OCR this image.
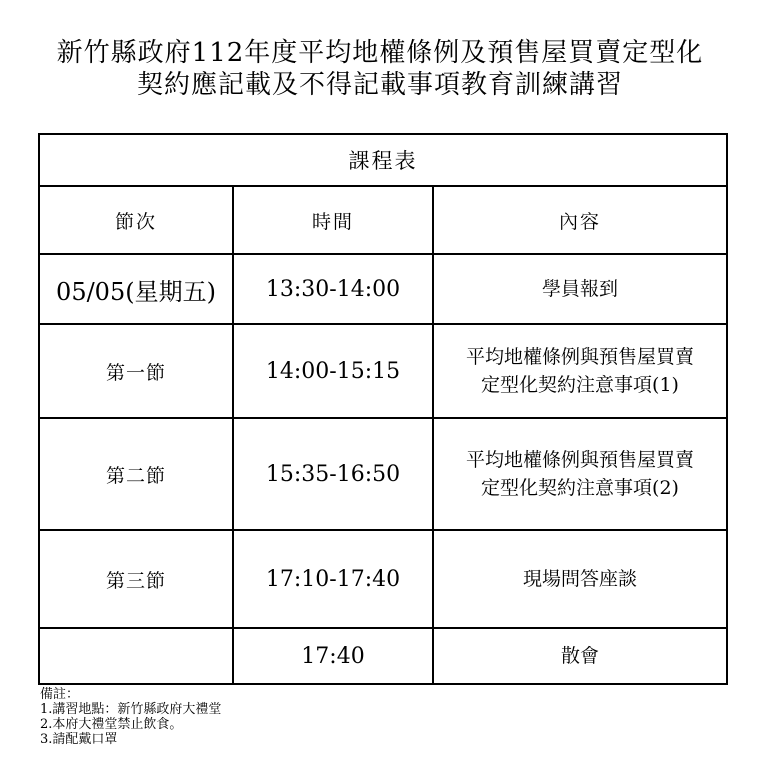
新竹縣政府112年度平均地權條例及預售屋買賣定型化
契約應記載及不得記載事項教育訓練講習
課程表		
節次	時間	內容
05/05(星期五)	13:30-14:00	學員報到

第一節	14:00-15:15	平均地權條例與預售屋買賣
定型化契約注意事項(1)

第二節	15:35-16:50	平均地權條例與預售屋買賣
定型化契約注意事項(2)

第三節	17:10-17:40	現場問答座談

	17:40	散會
備註：
1.講習地點：新竹縣政府大禮堂
2.本府大禮堂禁止飲食。
3.請配戴口罩
